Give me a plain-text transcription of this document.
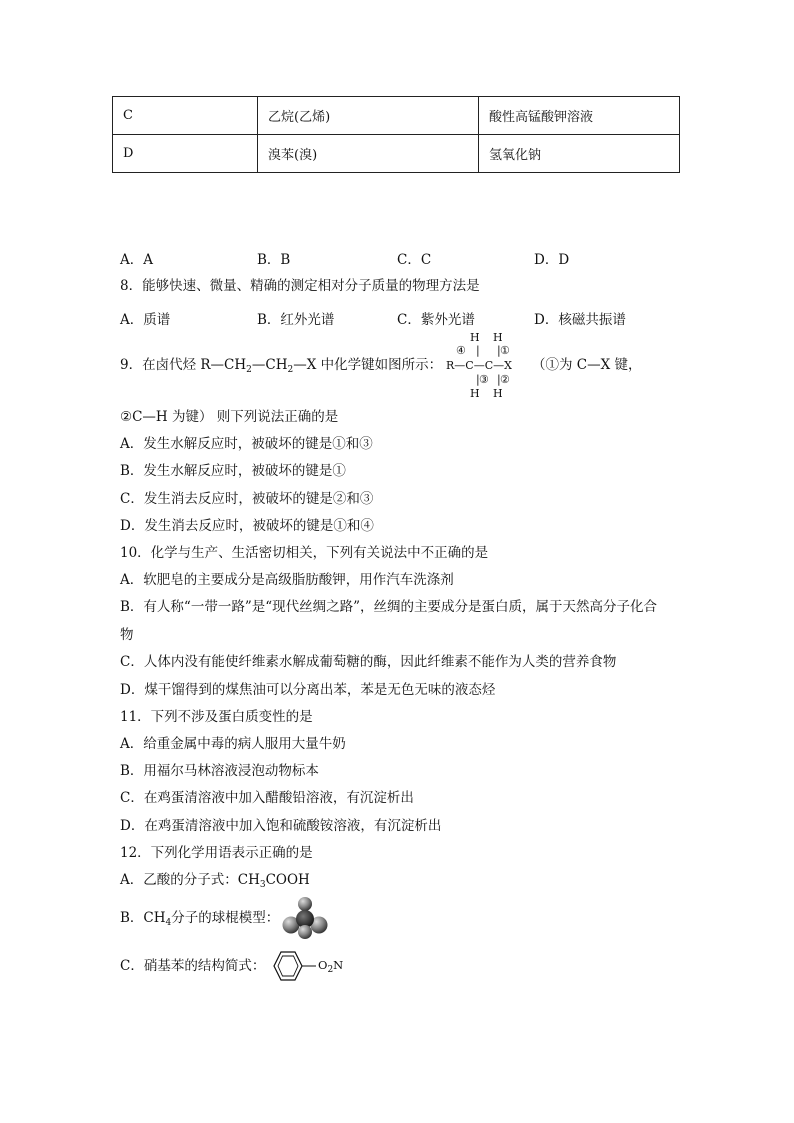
C	乙烷(乙烯)	酸性高锰酸钾溶液
D	溴苯(溴)	氢氧化钠
A．A	B．B	C．C	D．D
8．能够快速、微量、精确的测定相对分子质量的物理方法是
A．质谱	B．红外光谱	C．紫外光谱	D．核磁共振谱
9．在卤代烃 $R—CH_2—CH_2—X$ 中化学键如图所示：
H H
④ | | ①
R—C—C—X
| ③ | ②
H H
（①为 C—X 键，
②C—H 为键） 则下列说法正确的是
A．发生水解反应时，被破坏的键是①和③
B．发生水解反应时，被破坏的键是①
C．发生消去反应时，被破坏的键是②和③
D．发生消去反应时，被破坏的键是①和④
10．化学与生产、生活密切相关，下列有关说法中不正确的是
A．软肥皂的主要成分是高级脂肪酸钾，用作汽车洗涤剂
B．有人称“一带一路”是“现代丝绸之路”，丝绸的主要成分是蛋白质，属于天然高分子化合
物
C．人体内没有能使纤维素水解成葡萄糖的酶，因此纤维素不能作为人类的营养食物
D．煤干馏得到的煤焦油可以分离出苯，苯是无色无味的液态烃
11．下列不涉及蛋白质变性的是
A．给重金属中毒的病人服用大量牛奶
B．用福尔马林溶液浸泡动物标本
C．在鸡蛋清溶液中加入醋酸铅溶液，有沉淀析出
D．在鸡蛋清溶液中加入饱和硫酸铵溶液，有沉淀析出
12．下列化学用语表示正确的是
A．乙酸的分子式：$CH_3COOH$
B．$CH_4$分子的球棍模型：
C．硝基苯的结构简式：	$O_2N$
